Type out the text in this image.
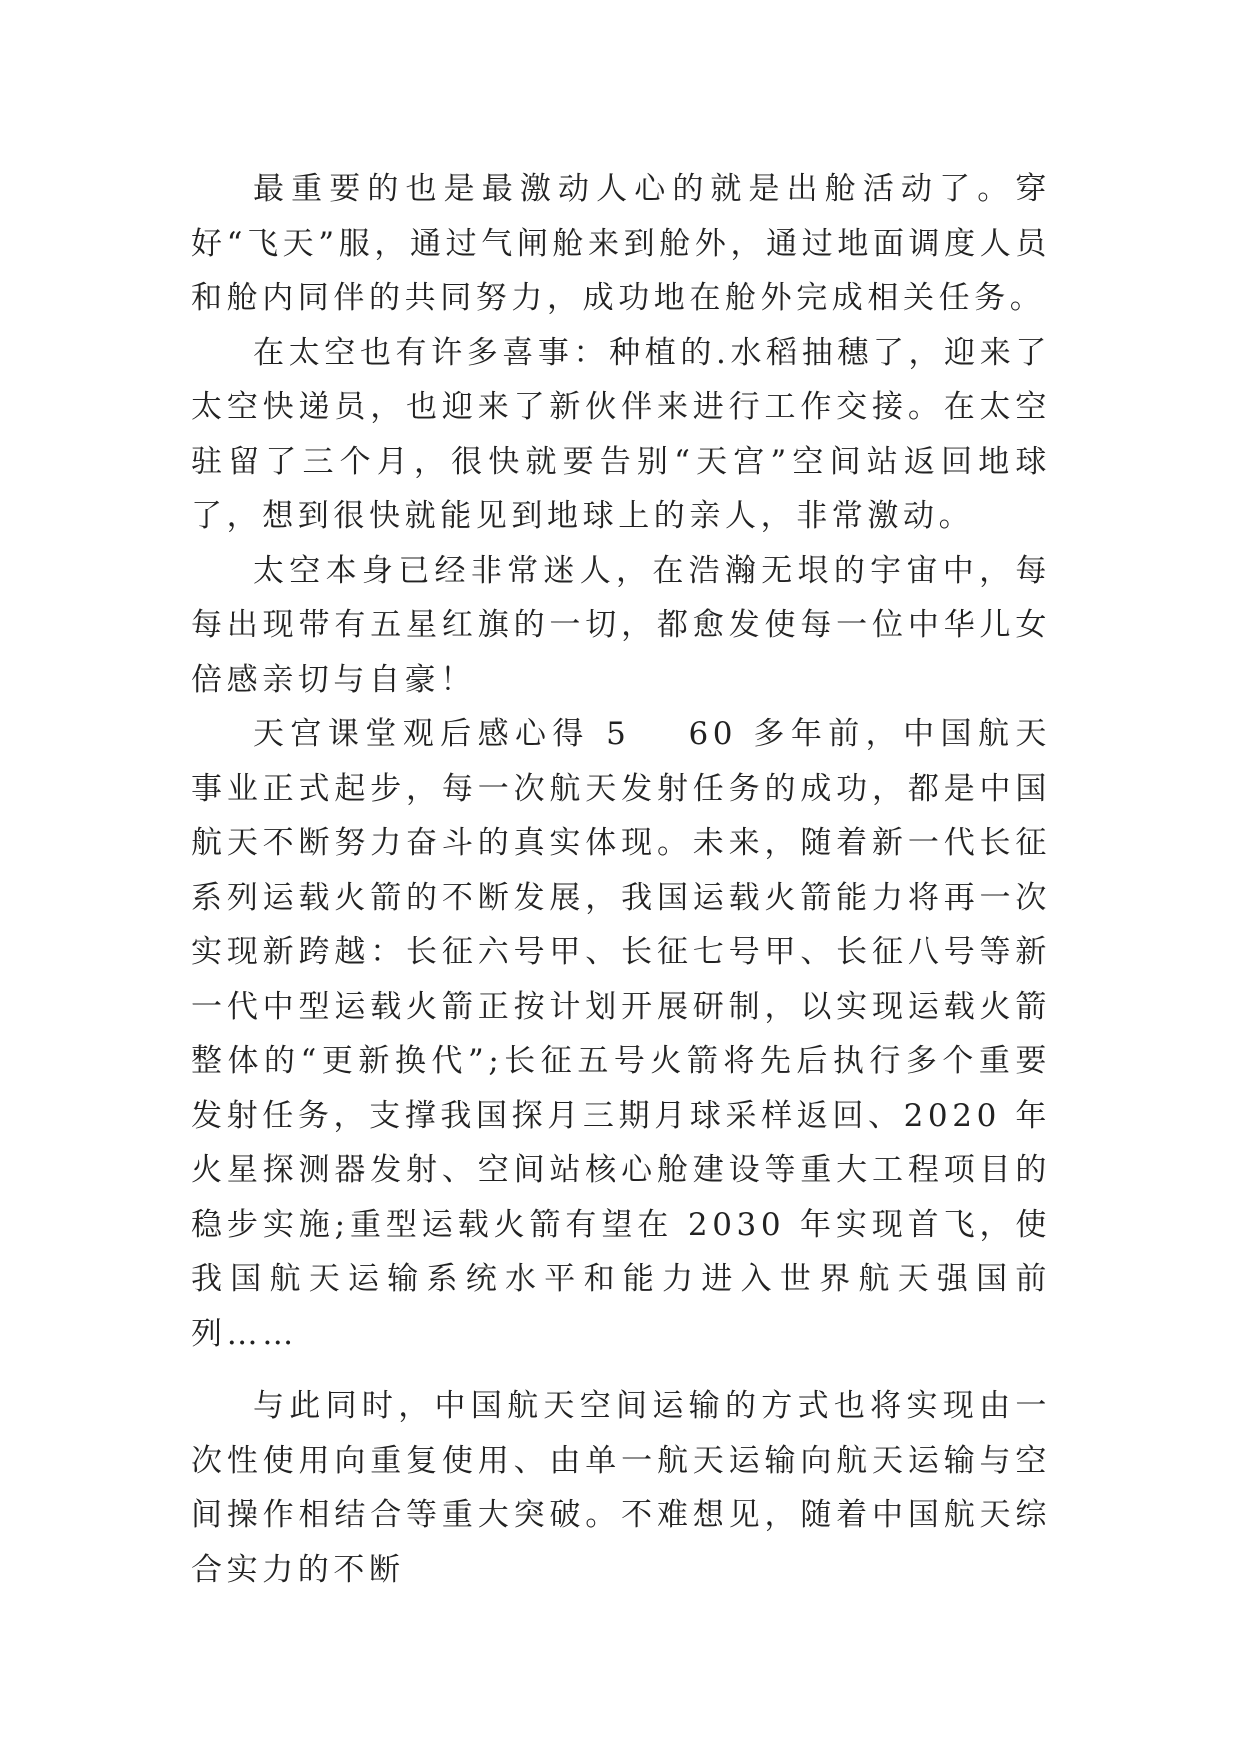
最重要的也是最激动人心的就是出舱活动了。穿好“飞天”服，通过气闸舱来到舱外，通过地面调度人员和舱内同伴的共同努力，成功地在舱外完成相关任务。

在太空也有许多喜事：种植的.水稻抽穗了，迎来了太空快递员，也迎来了新伙伴来进行工作交接。在太空驻留了三个月，很快就要告别“天宫”空间站返回地球了，想到很快就能见到地球上的亲人，非常激动。

太空本身已经非常迷人，在浩瀚无垠的宇宙中，每每出现带有五星红旗的一切，都愈发使每一位中华儿女倍感亲切与自豪！

天宫课堂观后感心得 5 60 多年前，中国航天事业正式起步，每一次航天发射任务的成功，都是中国航天不断努力奋斗的真实体现。未来，随着新一代长征系列运载火箭的不断发展，我国运载火箭能力将再一次实现新跨越：长征六号甲、长征七号甲、长征八号等新一代中型运载火箭正按计划开展研制，以实现运载火箭整体的“更新换代”;长征五号火箭将先后执行多个重要发射任务，支撑我国探月三期月球采样返回、2020 年火星探测器发射、空间站核心舱建设等重大工程项目的稳步实施;重型运载火箭有望在 2030 年实现首飞，使我国航天运输系统水平和能力进入世界航天强国前列……

与此同时，中国航天空间运输的方式也将实现由一次性使用向重复使用、由单一航天运输向航天运输与空间操作相结合等重大突破。不难想见，随着中国航天综合实力的不断
